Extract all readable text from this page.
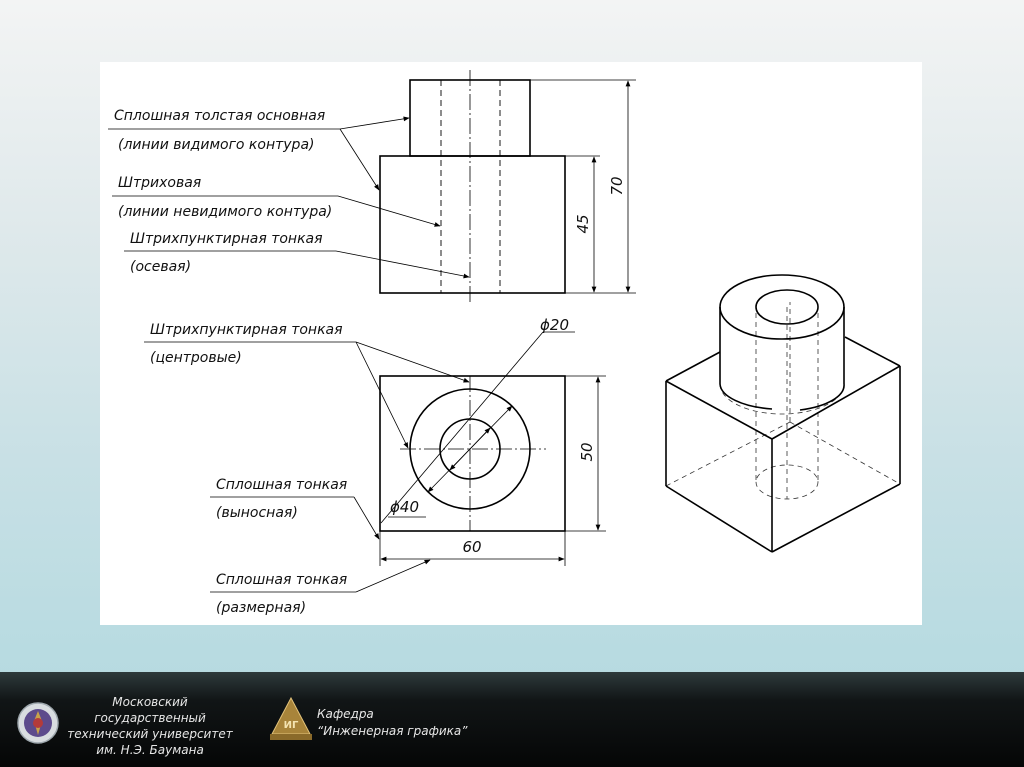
70
45
Сплошная толстая основная
(линии видимого контура)
Штриховая
(линии невидимого контура)
Штрихпунктирная тонкая
(осевая)
ϕ20
ϕ40
50
60
Штрихпунктирная тонкая
(центровые)
Сплошная тонкая
(выносная)
Сплошная тонкая
(размерная)
Московский государственный
технический университет
им. Н.Э. Баумана
ИГ
Кафедра
“Инженерная графика”
